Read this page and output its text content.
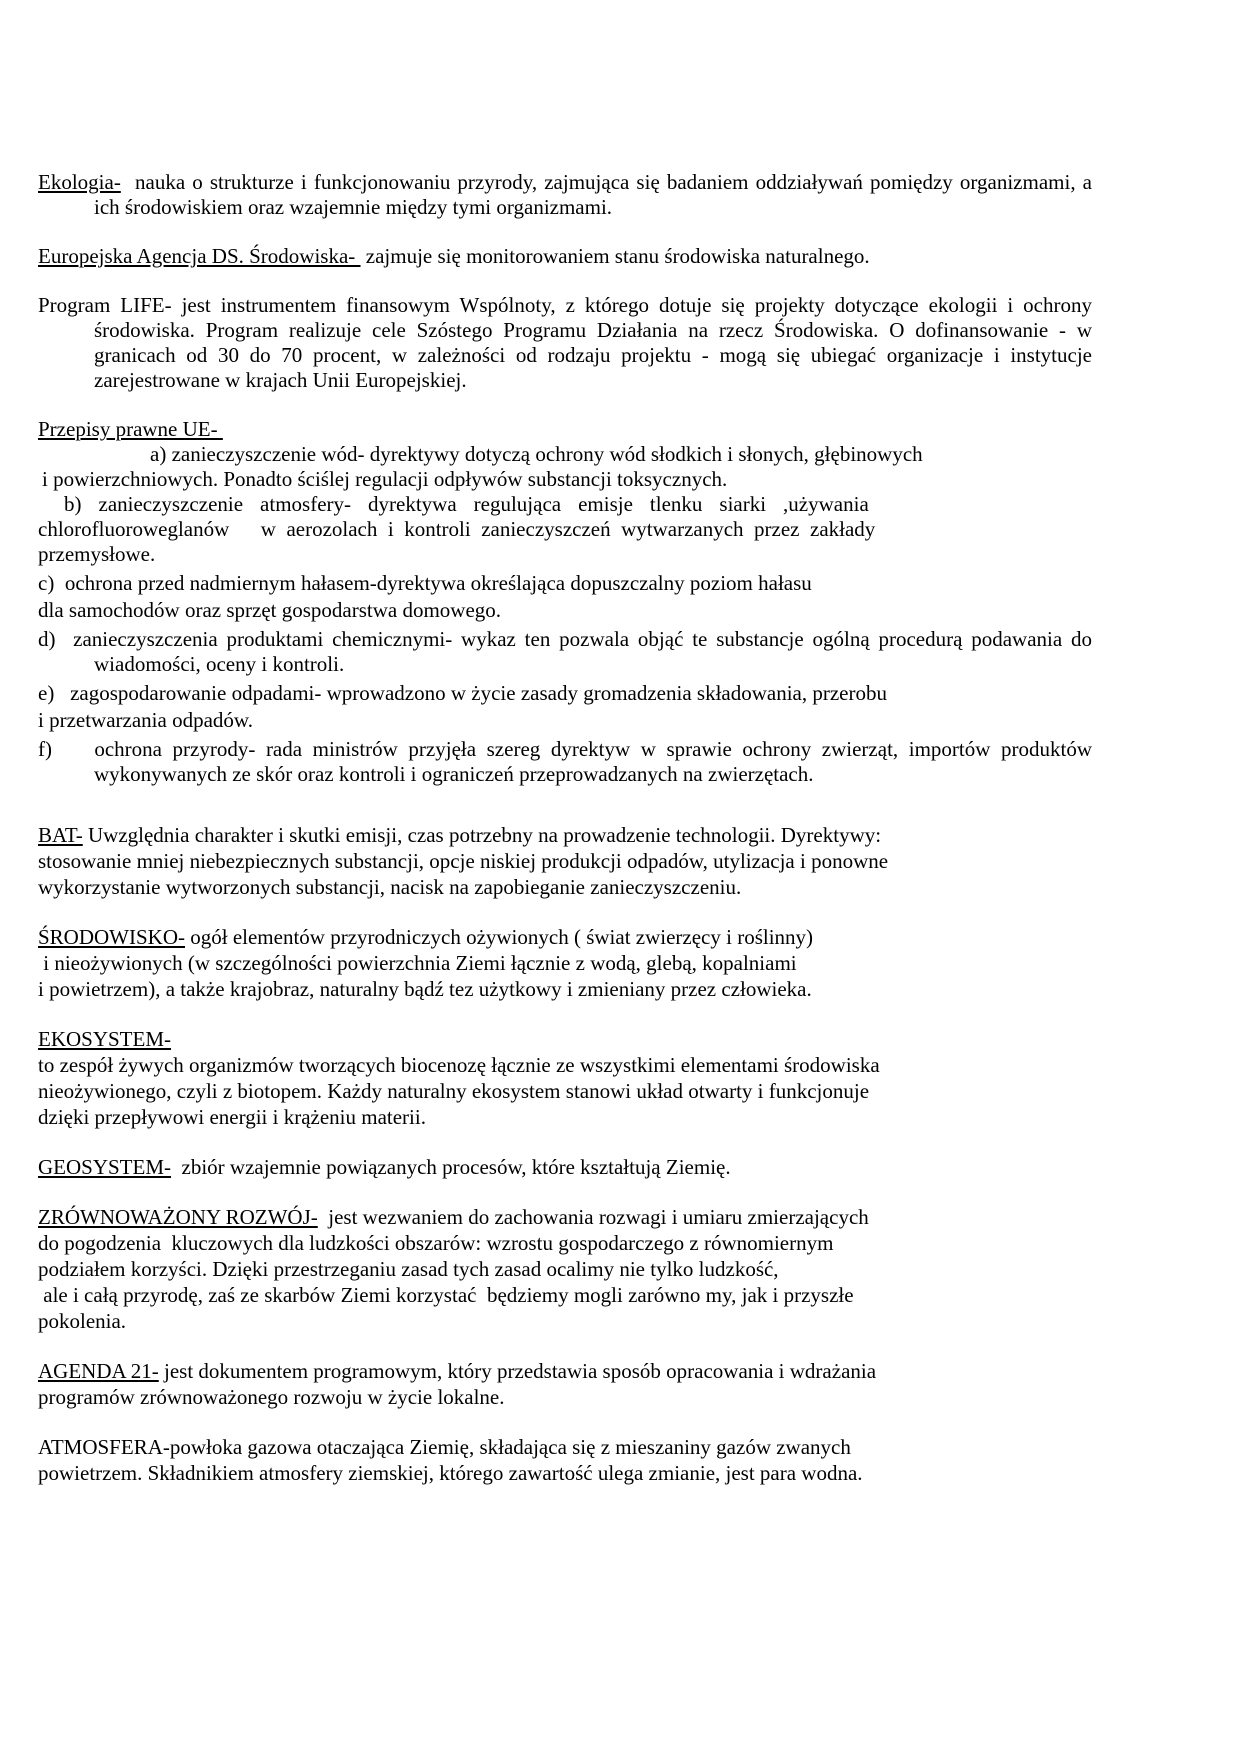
Ekologia-  nauka o strukturze i funkcjonowaniu przyrody, zajmująca się badaniem oddziaływań pomiędzy organizmami, a ich środowiskiem oraz wzajemnie między tymi organizmami.

Europejska Agencja DS. Środowiska-  zajmuje się monitorowaniem stanu środowiska naturalnego.

Program LIFE- jest instrumentem finansowym Wspólnoty, z którego dotuje się projekty dotyczące ekologii i ochrony środowiska. Program realizuje cele Szóstego Programu Działania na rzecz Środowiska. O dofinansowanie - w granicach od 30 do 70 procent, w zależności od rodzaju projektu - mogą się ubiegać organizacje i instytucje zarejestrowane w krajach Unii Europejskiej.

Przepisy prawne UE-

a) zanieczyszczenie wód- dyrektywy dotyczą ochrony wód słodkich i słonych, głębinowych
i powierzchniowych. Ponadto ściślej regulacji odpływów substancji toksycznych.
b)    zanieczyszczenie    atmosfery-    dyrektywa    regulująca    emisje    tlenku    siarki    ,używania
chlorofluoroweglanów      w  aerozolach  i  kontroli  zanieczyszczeń  wytwarzanych  przez  zakłady
przemysłowe.
c)  ochrona przed nadmiernym hałasem-dyrektywa określająca dopuszczalny poziom hałasu
dla samochodów oraz sprzęt gospodarstwa domowego.
d)  zanieczyszczenia produktami chemicznymi- wykaz ten pozwala objąć te substancje ogólną procedurą podawania do wiadomości, oceny i kontroli.
e)   zagospodarowanie odpadami- wprowadzono w życie zasady gromadzenia składowania, przerobu
i przetwarzania odpadów.
f)    ochrona przyrody- rada ministrów przyjęła szereg dyrektyw w sprawie ochrony zwierząt, importów produktów wykonywanych ze skór oraz kontroli i ograniczeń przeprowadzanych na zwierzętach.
BAT- Uwzględnia charakter i skutki emisji, czas potrzebny na prowadzenie technologii. Dyrektywy:
stosowanie mniej niebezpiecznych substancji, opcje niskiej produkcji odpadów, utylizacja i ponowne
wykorzystanie wytworzonych substancji, nacisk na zapobieganie zanieczyszczeniu.
ŚRODOWISKO- ogół elementów przyrodniczych ożywionych ( świat zwierzęcy i roślinny)
i nieożywionych (w szczególności powierzchnia Ziemi łącznie z wodą, glebą, kopalniami
i powietrzem), a także krajobraz, naturalny bądź tez użytkowy i zmieniany przez człowieka.
EKOSYSTEM-
to zespół żywych organizmów tworzących biocenozę łącznie ze wszystkimi elementami środowiska
nieożywionego, czyli z biotopem. Każdy naturalny ekosystem stanowi układ otwarty i funkcjonuje
dzięki przepływowi energii i krążeniu materii.
GEOSYSTEM-  zbiór wzajemnie powiązanych procesów, które kształtują Ziemię.
ZRÓWNOWAŻONY ROZWÓJ-  jest wezwaniem do zachowania rozwagi i umiaru zmierzających
do pogodzenia  kluczowych dla ludzkości obszarów: wzrostu gospodarczego z równomiernym
podziałem korzyści. Dzięki przestrzeganiu zasad tych zasad ocalimy nie tylko ludzkość,
ale i całą przyrodę, zaś ze skarbów Ziemi korzystać  będziemy mogli zarówno my, jak i przyszłe
pokolenia.
AGENDA 21- jest dokumentem programowym, który przedstawia sposób opracowania i wdrażania
programów zrównoważonego rozwoju w życie lokalne.
ATMOSFERA-powłoka gazowa otaczająca Ziemię, składająca się z mieszaniny gazów zwanych
powietrzem. Składnikiem atmosfery ziemskiej, którego zawartość ulega zmianie, jest para wodna.
